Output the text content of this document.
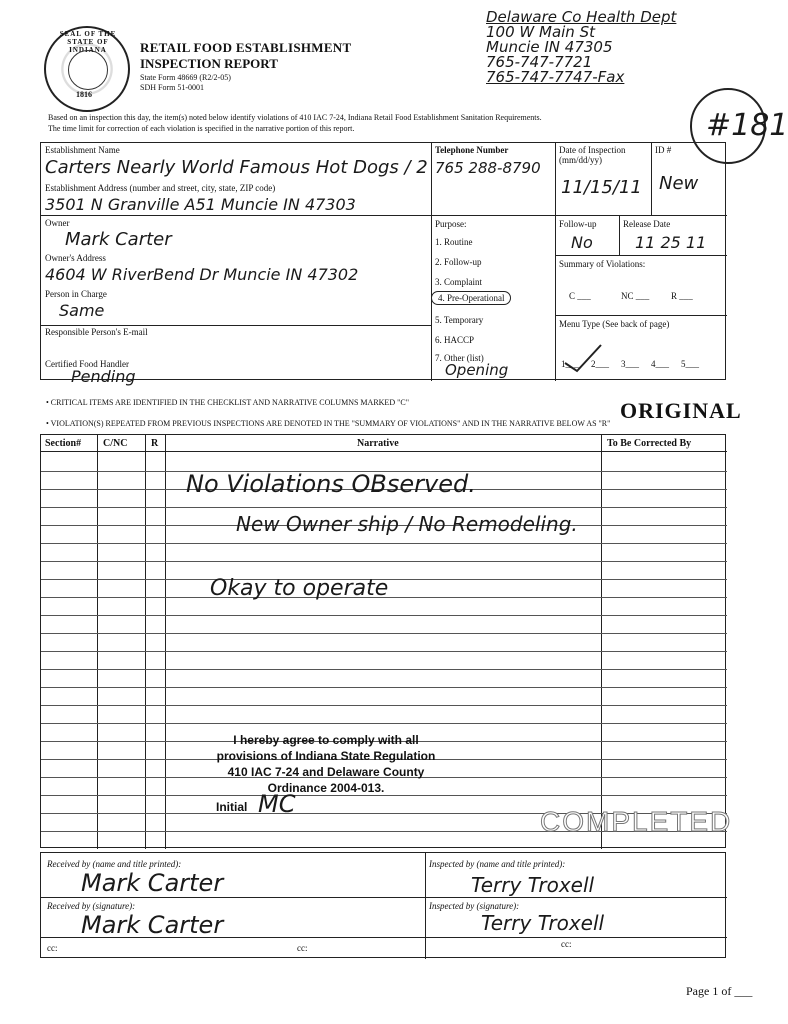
SEAL OF THE STATE OF INDIANA
1816
RETAIL FOOD ESTABLISHMENT
INSPECTION REPORT
State Form 48669 (R2/2-05)
SDH Form 51-0001
Delaware Co Health Dept
100 W Main St
Muncie IN 47305
765-747-7721
765-747-7747-Fax
#181
Based on an inspection this day, the item(s) noted below identify violations of 410 IAC 7-24, Indiana Retail Food Establishment Sanitation Requirements.
The time limit for correction of each violation is specified in the narrative portion of this report.
Establishment Name
Carters Nearly World Famous Hot Dogs / 2
Establishment Address (number and street, city, state, ZIP code)
3501 N Granville A51 Muncie IN 47303
Owner
Mark Carter
Owner's Address
4604 W RiverBend Dr Muncie IN 47302
Person in Charge
Same
Responsible Person's E-mail
Certified Food Handler
Pending
Telephone Number
765 288-8790
Date of Inspection (mm/dd/yy)
11/15/11
ID #
New
Purpose:
1. Routine
2. Follow-up
3. Complaint
4. Pre-Operational
5. Temporary
6. HACCP
7. Other (list)
Opening
Follow-up
No
Release Date
11 25 11
Summary of Violations:
C ___	NC ___ R ___
Menu Type (See back of page)
1___ 2___ 3___ 4___ 5___
• CRITICAL ITEMS ARE IDENTIFIED IN THE CHECKLIST AND NARRATIVE COLUMNS MARKED "C"
• VIOLATION(S) REPEATED FROM PREVIOUS INSPECTIONS ARE DENOTED IN THE "SUMMARY OF VIOLATIONS" AND IN THE NARRATIVE BELOW AS "R"
ORIGINAL
Section# C/NC R	Narrative	To Be Corrected By
No Violations OBserved.
New Owner ship / No Remodeling.
Okay to operate
I hereby agree to comply with all provisions of Indiana State Regulation 410 IAC 7-24 and Delaware County Ordinance 2004-013.
Initial MC
COMPLETED
Received by (name and title printed):
Mark Carter
Inspected by (name and title printed):
Terry Troxell
Received by (signature):
Mark Carter
Inspected by (signature):
Terry Troxell
cc:	cc:	cc:
Page 1 of ___
